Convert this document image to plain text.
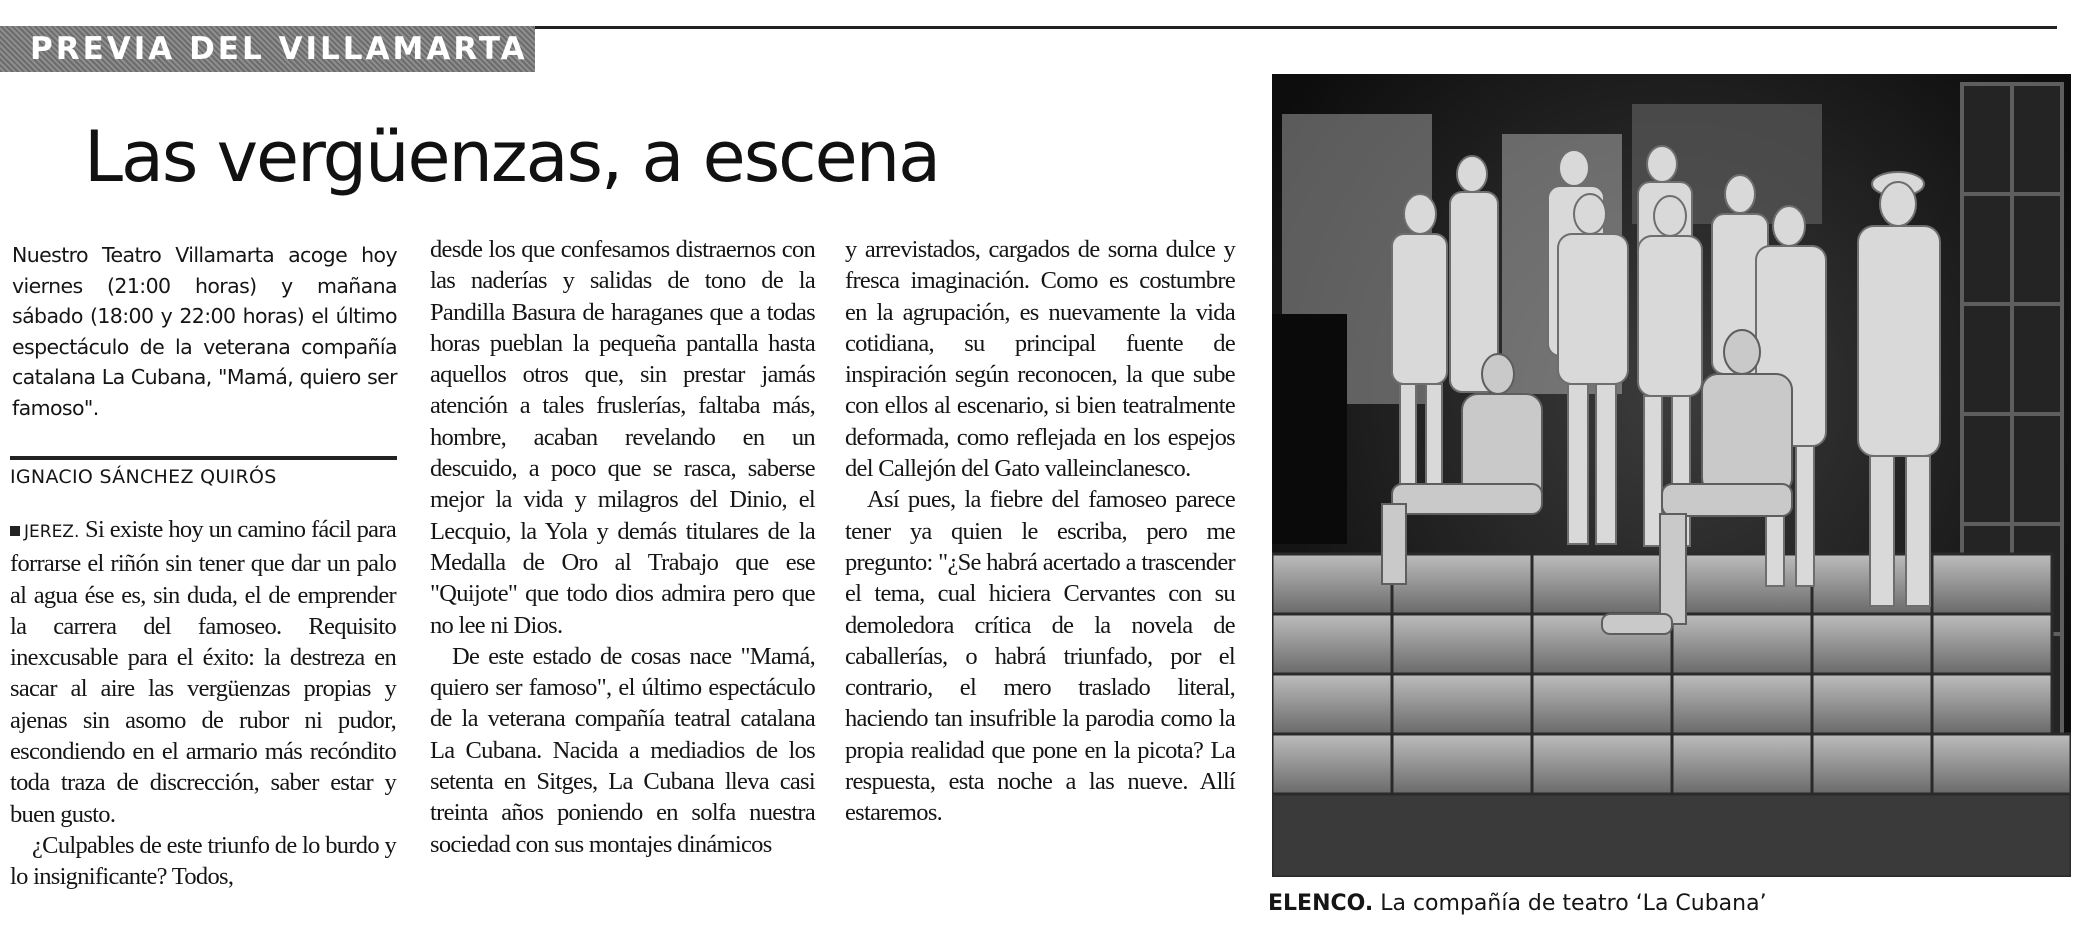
PREVIA DEL VILLAMARTA
Las vergüenzas, a escena

Nuestro Teatro Villamarta acoge hoy viernes (21:00 horas) y mañana sábado (18:00 y 22:00 horas) el último espectáculo de la veterana compañía catalana La Cubana, "Mamá, quiero ser famoso".

IGNACIO SÁNCHEZ QUIRÓS

JEREZ. Si existe hoy un camino fácil para forrarse el riñón sin tener que dar un palo al agua ése es, sin duda, el de emprender la carrera del famoseo. Requisito inexcusable para el éxito: la destreza en sacar al aire las vergüenzas propias y ajenas sin asomo de rubor ni pudor, escondiendo en el armario más recóndito toda traza de discrección, saber estar y buen gusto.

¿Culpables de este triunfo de lo burdo y lo insignificante? Todos,

desde los que confesamos distraernos con las naderías y salidas de tono de la Pandilla Basura de haraganes que a todas horas pueblan la pequeña pantalla hasta aquellos otros que, sin prestar jamás atención a tales fruslerías, faltaba más, hombre, acaban revelando en un descuido, a poco que se rasca, saberse mejor la vida y milagros del Dinio, el Lecquio, la Yola y demás titulares de la Medalla de Oro al Trabajo que ese "Quijote" que todo dios admira pero que no lee ni Dios.

De este estado de cosas nace "Mamá, quiero ser famoso", el último espectáculo de la veterana compañía teatral catalana La Cubana. Nacida a mediadios de los setenta en Sitges, La Cubana lleva casi treinta años poniendo en solfa nuestra sociedad con sus montajes dinámicos

y arrevistados, cargados de sorna dulce y fresca imaginación. Como es costumbre en la agrupación, es nuevamente la vida cotidiana, su principal fuente de inspiración según reconocen, la que sube con ellos al escenario, si bien teatralmente deformada, como reflejada en los espejos del Callejón del Gato valleinclanesco.

Así pues, la fiebre del famoseo parece tener ya quien le escriba, pero me pregunto: "¿Se habrá acertado a trascender el tema, cual hiciera Cervantes con su demoledora crítica de la novela de caballerías, o habrá triunfado, por el contrario, el mero traslado literal, haciendo tan insufrible la parodia como la propia realidad que pone en la picota? La respuesta, esta noche a las nueve. Allí estaremos.

ELENCO. La compañía de teatro ‘La Cubana’
